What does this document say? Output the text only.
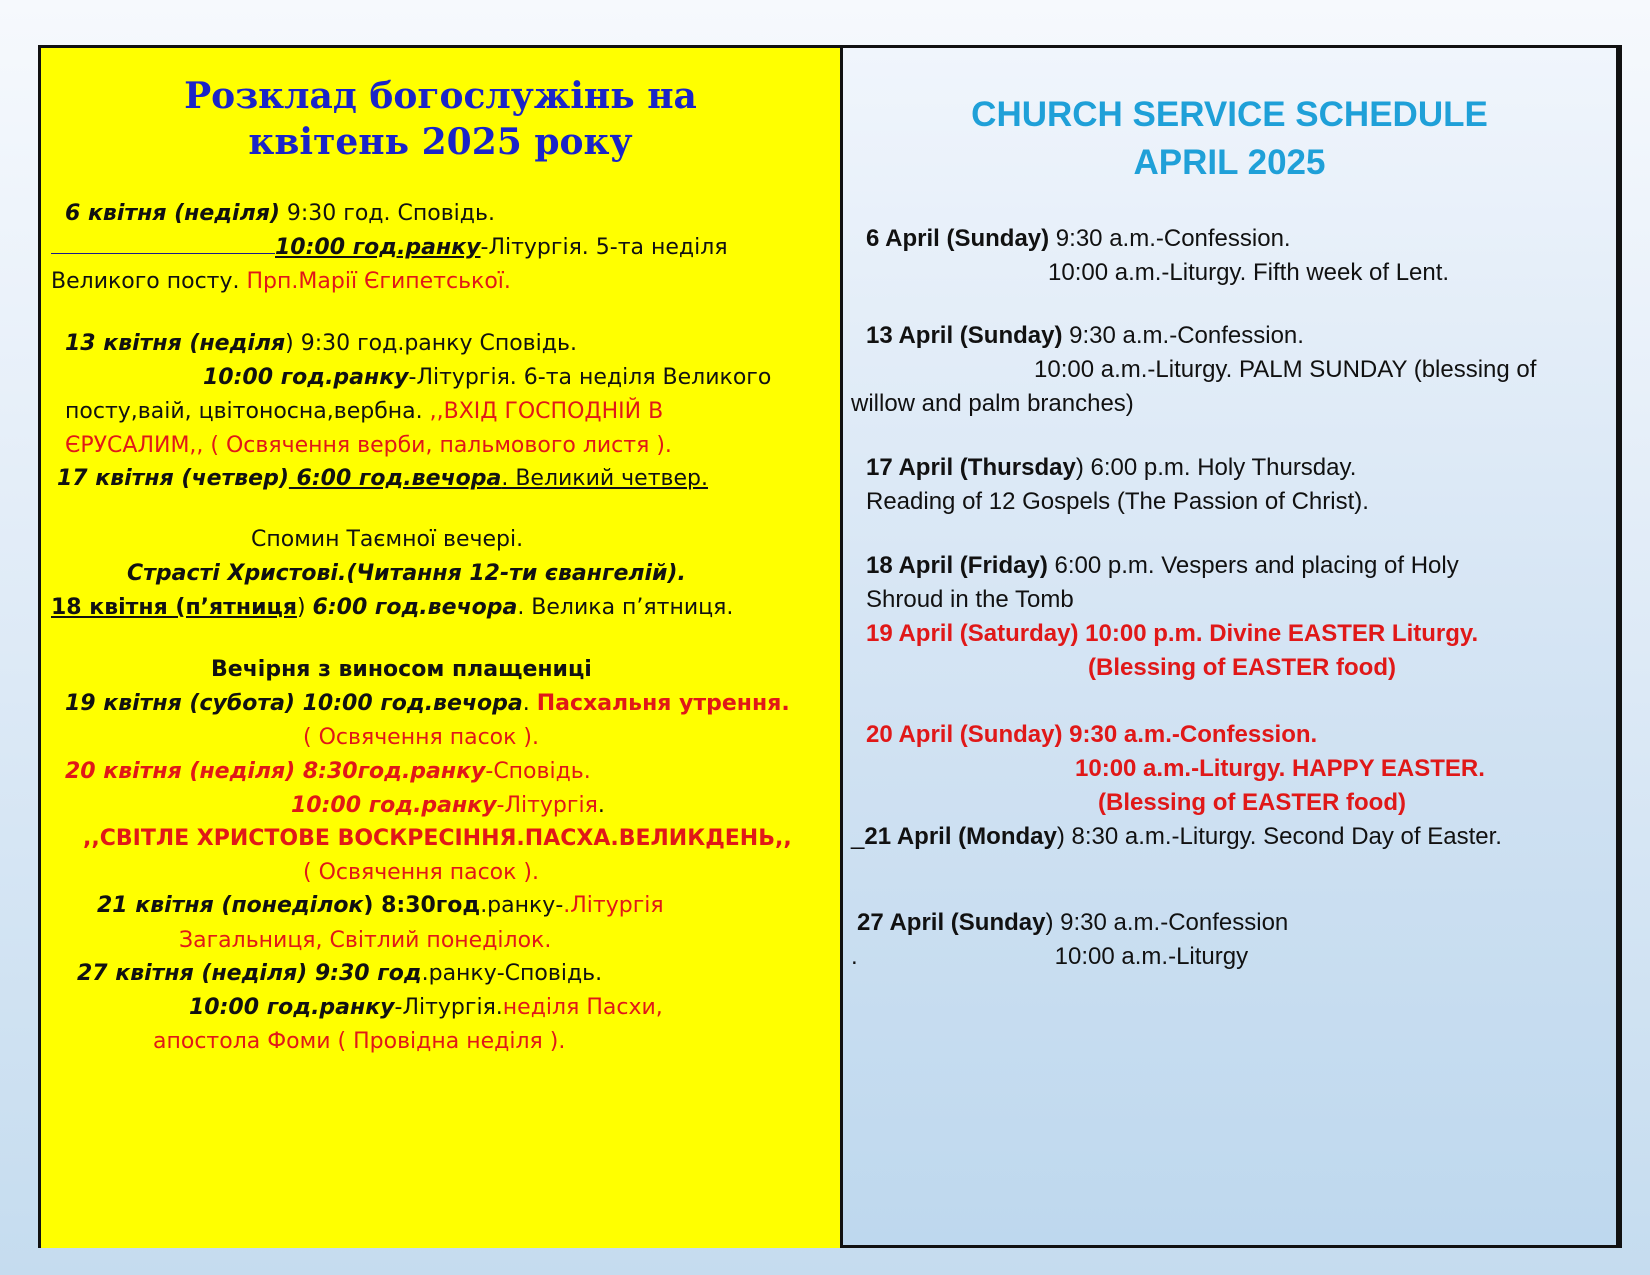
Розклад богослужінь на
квітень 2025 року
6 квітня (неділя) 9:30 год. Сповідь.
10:00 год.ранку-Літургія. 5-та неділя
Великого посту. Прп.Марії Єгипетської.
13 квітня (неділя) 9:30 год.ранку Сповідь.
10:00 год.ранку-Літургія. 6-та неділя Великого
посту,ваій, цвітоносна,вербна. ,,ВХІД ГОСПОДНІЙ В
ЄРУСАЛИМ,, ( Освячення верби, пальмового листя ).
17 квітня (четвер) 6:00 год.вечора. Великий четвер.
Спомин Таємної вечері.
Страсті Христові.(Читання 12-ти євангелій).
18 квітня (п’ятниця) 6:00 год.вечора. Велика п’ятниця.
Вечірня з виносом плащениці
19 квітня (субота) 10:00 год.вечора. Пасхальня утрення.
( Освячення пасок ).
20 квітня (неділя) 8:30год.ранку-Сповідь.
10:00 год.ранку-Літургія.
,,СВІТЛЕ ХРИСТОВЕ ВОСКРЕСІННЯ.ПАСХА.ВЕЛИКДЕНЬ,,
( Освячення пасок ).
21 квітня (понеділок) 8:30год.ранку-.Літургія
Загальниця, Світлий понеділок.
27 квітня (неділя) 9:30 год.ранку-Сповідь.
10:00 год.ранку-Літургія.неділя Пасхи,
апостола Фоми ( Провідна неділя ).
CHURCH SERVICE SCHEDULE
APRIL 2025
6 April (Sunday) 9:30 a.m.-Confession.
10:00 a.m.-Liturgy. Fifth week of Lent.
13 April (Sunday) 9:30 a.m.-Confession.
10:00 a.m.-Liturgy. PALM SUNDAY (blessing of
willow and palm branches)
17 April (Thursday) 6:00 p.m. Holy Thursday.
Reading of 12 Gospels (The Passion of Christ).
18 April (Friday) 6:00 p.m. Vespers and placing of Holy
Shroud in the Tomb
19 April (Saturday) 10:00 p.m. Divine EASTER Liturgy.
(Blessing of EASTER food)
20 April (Sunday) 9:30 a.m.-Confession.
10:00 a.m.-Liturgy. HAPPY EASTER.
(Blessing of EASTER food)
_21 April (Monday) 8:30 a.m.-Liturgy. Second Day of Easter.
27 April (Sunday) 9:30 a.m.-Confession
.	10:00 a.m.-Liturgy
